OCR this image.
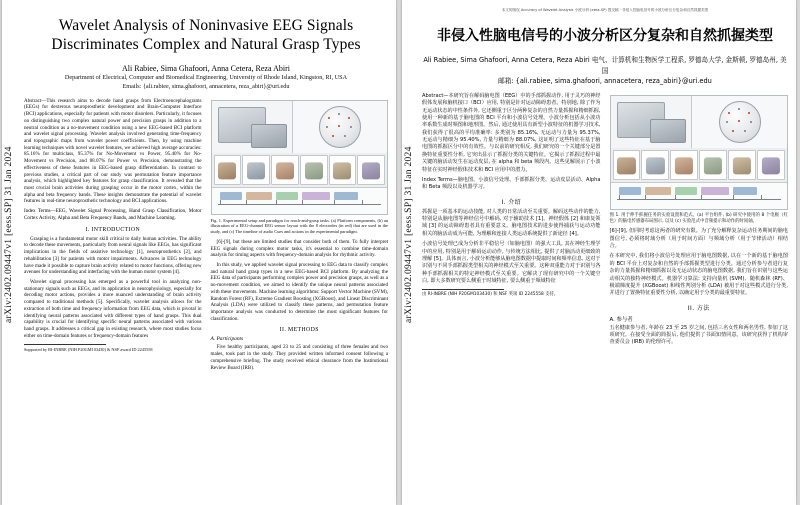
arXiv:2402.09447v1 [eess.SP] 31 Jan 2024
Wavelet Analysis of Noninvasive EEG Signals Discriminates Complex and Natural Grasp Types
Ali Rabiee, Sima Ghafoori, Anna Cetera, Reza Abiri
Department of Electrical, Computer and Biomedical Engineering, University of Rhode Island, Kingston, RI, USA
Emails: {ali.rabiee, sima.ghafoori, annacetera, reza_abiri}@uri.edu

Abstract—This research aims to decode hand grasps from Electroencephalograms (EEGs) for dexterous neuroprosthetic development and Brain-Computer Interface (BCI) applications, especially for patients with motor disorders. Particularly, it focuses on distinguishing two complex natural power and precision grasps in addition to a neutral condition as a no-movement condition using a new EEG-based BCI platform and wavelet signal processing. Wavelet analysis involved generating time-frequency and topographic maps from wavelet power coefficients. Then, by using machine learning techniques with novel wavelet features, we achieved high average accuracies: 85.16% for multiclass, 95.37% for No-Movement vs Power, 95.40% for No-Movement vs Precision, and 88.07% for Power vs Precision, demonstrating the effectiveness of these features in EEG-based grasp differentiation. In contrast to previous studies, a critical part of our study was permutation feature importance analysis, which highlighted key features for grasp classification. It revealed that the most crucial brain activities during grasping occur in the motor cortex, within the alpha and beta frequency bands. These insights demonstrate the potential of wavelet features in real-time neuroprosthetic technology and BCI applications.

Index Terms—EEG, Wavelet Signal Processing, Hand Grasp Classification, Motor Cortex Activity, Alpha and Beta Frequency Bands, and Machine Learning.

I. INTRODUCTION

Grasping is a fundamental motor skill critical to daily human activities. The ability to decode these movements, particularly from neural signals like EEGs, has significant implications in the fields of assistive technology [1], neuroprosthetics [2], and rehabilitation [3] for patients with motor impairments. Advances in EEG technology have made it possible to capture brain activity related to motor functions, offering new avenues for understanding and interfacing with the human motor system [4].

Wavelet signal processing has emerged as a powerful tool in analyzing non-stationary signals such as EEGs, and its application in neurophysiology, especially for decoding motor actions, provides a more nuanced understanding of brain activity compared to traditional methods [5]. Specifically, wavelet analysis allows for the extraction of both time and frequency information from EEG data, which is pivotal in identifying neural patterns associated with different types of hand grasps. This dual capability is crucial for identifying specific neural patterns associated with various hand grasps. It addresses a critical gap in existing research, where most studies focus either on time-domain features or frequency-domain features

Supported by RI-INBRE (NIH P20GM103430) & NSF award ID 2245558
Fig. 1. Experimental setup and paradigm for reach-and-grasp tasks. (a) Platform components, (b) an illustration of a EEG-channel EEG sensor layout with the 8 electrodes (in red) that are used in the study, and (c) The timeline of audio Cues and actions in the experimental paradigm.

[6]-[9], but these are limited studies that consider both of them. To fully interpret EEG signals during complex motor tasks, it's essential to combine time-domain analysis for timing aspects with frequency-domain analysis for rhythmic activity.

In this study, we applied wavelet signal processing to EEG data to classify complex and natural hand grasp types in a new EEG-based BCI platform. By analyzing the EEG data of participants performing complex power and precision grasps, as well as a no-movement condition, we aimed to identify the unique neural patterns associated with these movements. Machine learning algorithms: Support Vector Machine (SVM), Random Forest (RF), Extreme Gradient Boosting (XGBoost), and Linear Discriminant Analysis (LDA) were utilized to classify these patterns, and permutation feature importance analysis was conducted to determine the most significant features for classification.

II. METHODS
A. Participants

Five healthy participants, aged 23 to 25 and consisting of three females and two males, took part in the study. They provided written informed consent following a comprehensive briefing. The study received ethical clearance from the Institutional Review Board (IRB).

arXiv:2402.09447v1 [eess.SP] 31 Jan 2024
本文的版权 Accuracy of Wavelet Analysis 小波分析 (eess.SP) 提交稿 · 非侵入性脑电信号的小波分析区分复杂和自然抓握类型
非侵入性脑电信号的小波分析区分复杂和自然抓握类型
Ali Rabiee, Sima Ghafoori, Anna Cetera, Reza Abiri 电气、计算机和生物医学工程系, 罗德岛大学, 金斯顿, 罗德岛州, 美国
邮箱: {ali.rabiee, sima.ghafoori, annacetera, reza_abiri}@uri.edu

Abstract—本研究旨在解码脑电图（EEG）中的手部抓握动作, 用于灵巧的神经假体发展和脑机接口（BCI）应用, 特别是针对运动障碍患者。特别地, 除了作为无运动状态的中性条件外, 它还侧重于区分两种复杂的自然力量抓握和精细抓握, 使用一种新的基于脑电图的 BCI 平台和小波信号处理。小波分析包括从小波功率系数生成时频图和地形图。然后, 通过使用具有新型小波特征的机器学习技术, 我们获得了很高的平均准确率: 多类别为 85.16%, 无运动与力量为 95.37%, 无运动与精细为 95.40%, 力量与精细为 88.07%, 这证明了这些特征在基于脑电图的抓握区分中的有效性。与以前的研究相反, 我们研究的一个关键部分是置换特征重要性分析, 它突出显示了抓握分类的关键特征。它揭示了抓握过程中最关键的脑活动发生在运动皮层, 在 alpha 和 beta 频段内。这些见解展示了小波特征在实时神经假体技术和 BCI 应用中的潜力。

Index Terms—脑电图、小波信号处理、手部抓握分类、运动皮层活动、Alpha 和 Beta 频段以及机器学习。

I. 介绍

抓握是一项基本的运动技能, 对人类的日常活动至关重要。解码这些动作的能力, 特别是从脑电图等神经信号中解码, 对于辅助技术 [1]、神经假体 [2] 和康复领域 [3] 的运动障碍患者具有重要意义。脑电图技术的进步使得捕获与运动功能相关的脑活动成为可能, 为理解和连接人类运动系统提供了新途径 [4]。

小波信号处理已成为分析非平稳信号（如脑电图）的强大工具, 其在神经生理学中的应用, 特别是用于解码运动动作, 与传统方法相比, 提供了对脑活动更细致的理解 [5]。具体而言, 小波分析能够从脑电图数据中提取时间和频率信息, 这对于识别与不同手部抓握类型相关的神经模式至关重要。这种双重能力对于识别与各种手部抓握相关的特定神经模式至关重要。它解决了现有研究中的一个关键空白, 即大多数研究要么侧重于时域特征, 要么侧重于频域特征

由 RI-INBRE (NIH P20GM103430) 和 NSF 奖项 ID 2245558 支持。
图 1. 用于伸手抓握任务的实验设置和范式。(a) 平台组件, (b) 研究中使用的 8 个电极（红色）的脑电传感器布局图示, 以及 (c) 实验范式中音频提示和动作的时间轴。

[6]-[9], 但同时考虑这两者的研究有限。为了充分解释复杂运动任务期间的脑电图信号, 必须将时域分析（用于时间方面）与频域分析（用于节律活动）相结合。

在本研究中, 我们将小波信号处理应用于脑电图数据, 以在一个新的基于脑电图的 BCI 平台上对复杂和自然的手部抓握类型进行分类。通过分析参与者进行复杂的力量抓握和精细抓握以及无运动状态的脑电图数据, 我们旨在识别与这些运动相关的独特神经模式。机器学习算法: 支持向量机 (SVM)、随机森林 (RF)、极端梯度提升 (XGBoost) 和线性判别分析 (LDA) 被用于对这些模式进行分类, 并进行了置换特征重要性分析, 以确定用于分类的最重要特征。

II. 方法
A. 参与者

五名健康参与者, 年龄在 23 至 25 岁之间, 包括三名女性和两名男性, 参加了这项研究。在接受全面的简报后, 他们提供了书面知情同意。该研究获得了机构审查委员会 (IRB) 的伦理许可。
